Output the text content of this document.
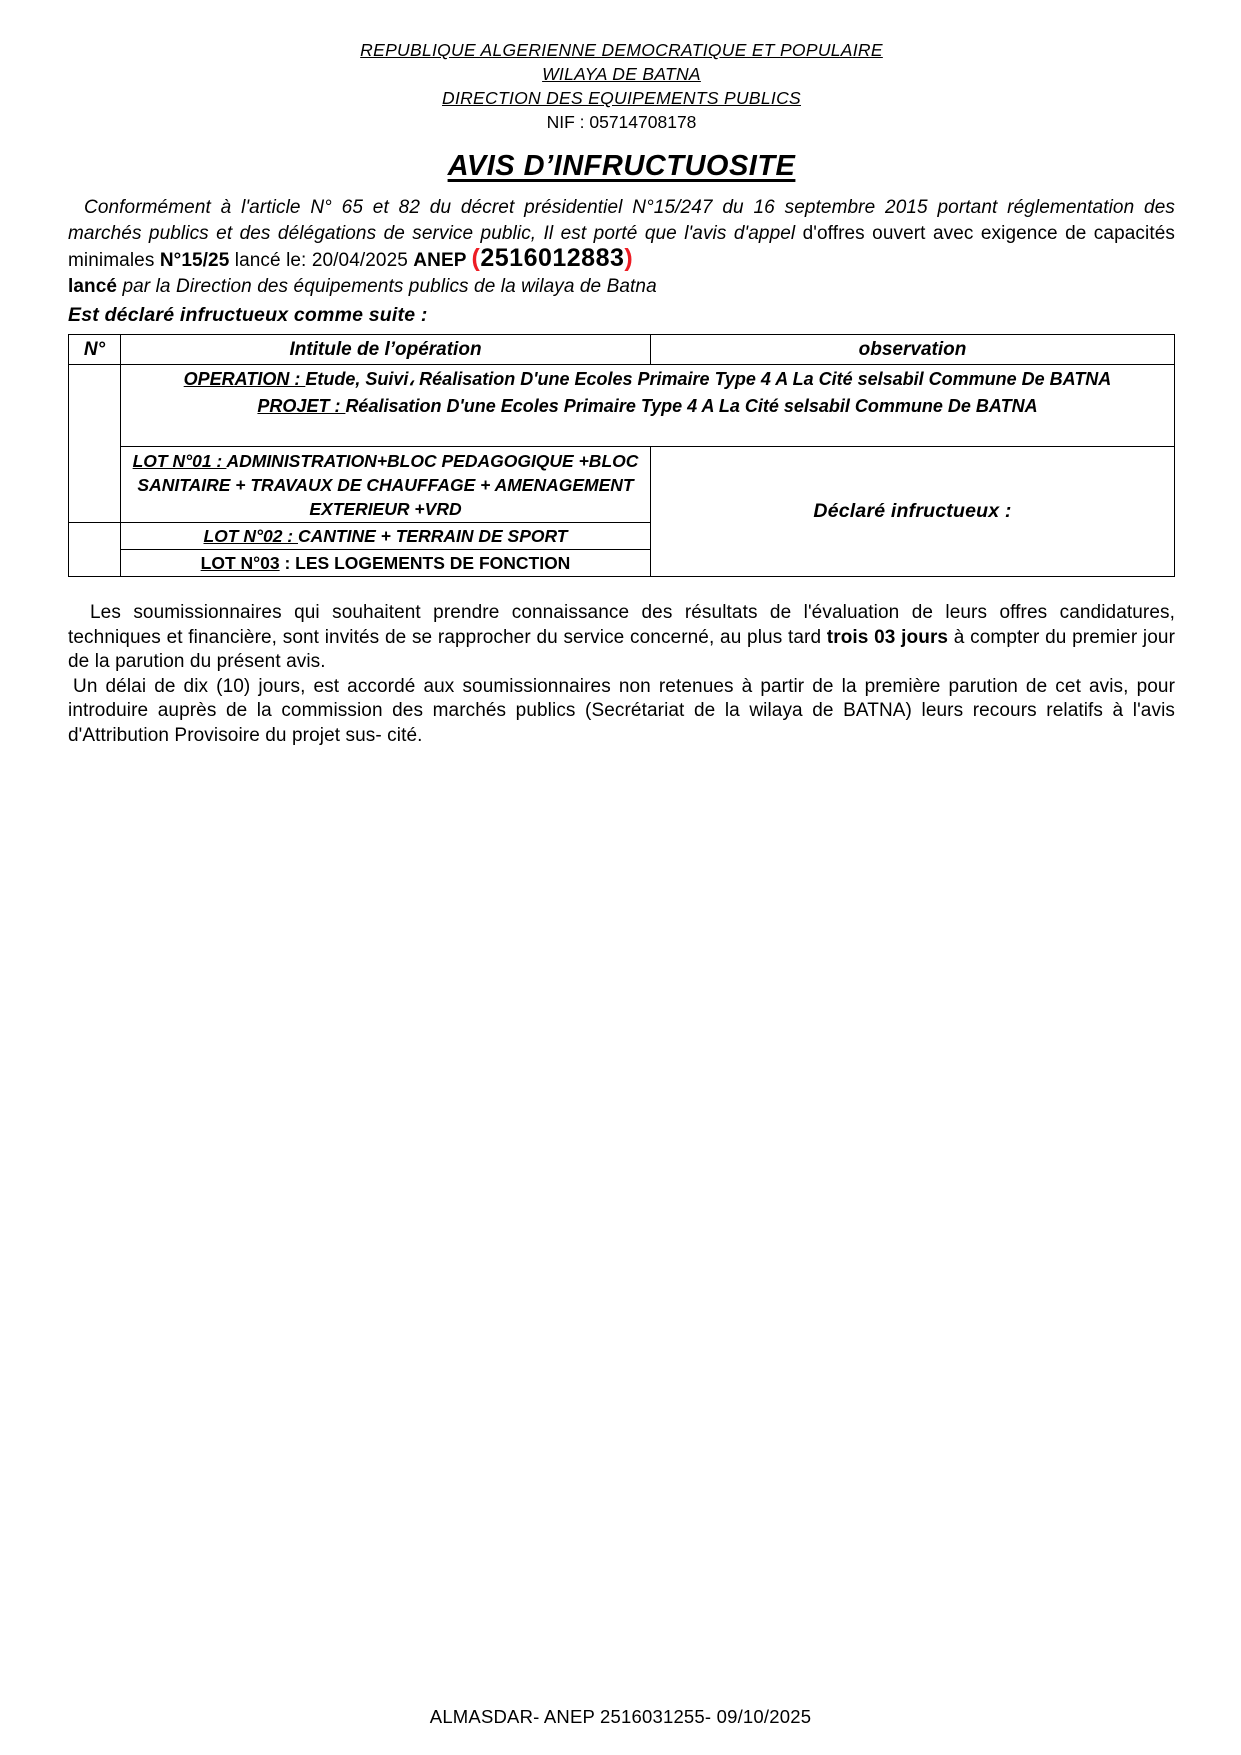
REPUBLIQUE ALGERIENNE DEMOCRATIQUE ET POPULAIRE
WILAYA DE BATNA
DIRECTION DES EQUIPEMENTS PUBLICS
NIF : 05714708178
AVIS D’INFRUCTUOSITE

Conformément à l'article N° 65 et 82 du décret présidentiel N°15/247 du 16 septembre 2015 portant réglementation des marchés publics et des délégations de service public, Il est porté que l'avis d'appel d'offres ouvert avec exigence de capacités minimales N°15/25 lancé le: 20/04/2025 ANEP (2516012883)
lancé par la Direction des équipements publics de la wilaya de Batna

Est déclaré infructueux comme suite :

N°	Intitule de l’opération	observation

	OPERATION : Etude, Suivi، Réalisation D'une Ecoles Primaire Type 4 A La Cité selsabil Commune De BATNA
PROJET : Réalisation D'une Ecoles Primaire Type 4 A La Cité selsabil Commune De BATNA	

	LOT N°01 : ADMINISTRATION+BLOC PEDAGOGIQUE +BLOC SANITAIRE + TRAVAUX DE CHAUFFAGE + AMENAGEMENT EXTERIEUR +VRD	Déclaré infructueux :
	LOT N°02 : CANTINE + TERRAIN DE SPORT	
	LOT N°03 : LES LOGEMENTS DE FONCTION	

Les soumissionnaires qui souhaitent prendre connaissance des résultats de l'évaluation de leurs offres candidatures, techniques et financière, sont invités de se rapprocher du service concerné, au plus tard trois 03 jours à compter du premier jour de la parution du présent avis.

Un délai de dix (10) jours, est accordé aux soumissionnaires non retenues à partir de la première parution de cet avis, pour introduire auprès de la commission des marchés publics (Secrétariat de la wilaya de BATNA) leurs recours relatifs à l'avis d'Attribution Provisoire du projet sus- cité.

ALMASDAR- ANEP 2516031255- 09/10/2025
